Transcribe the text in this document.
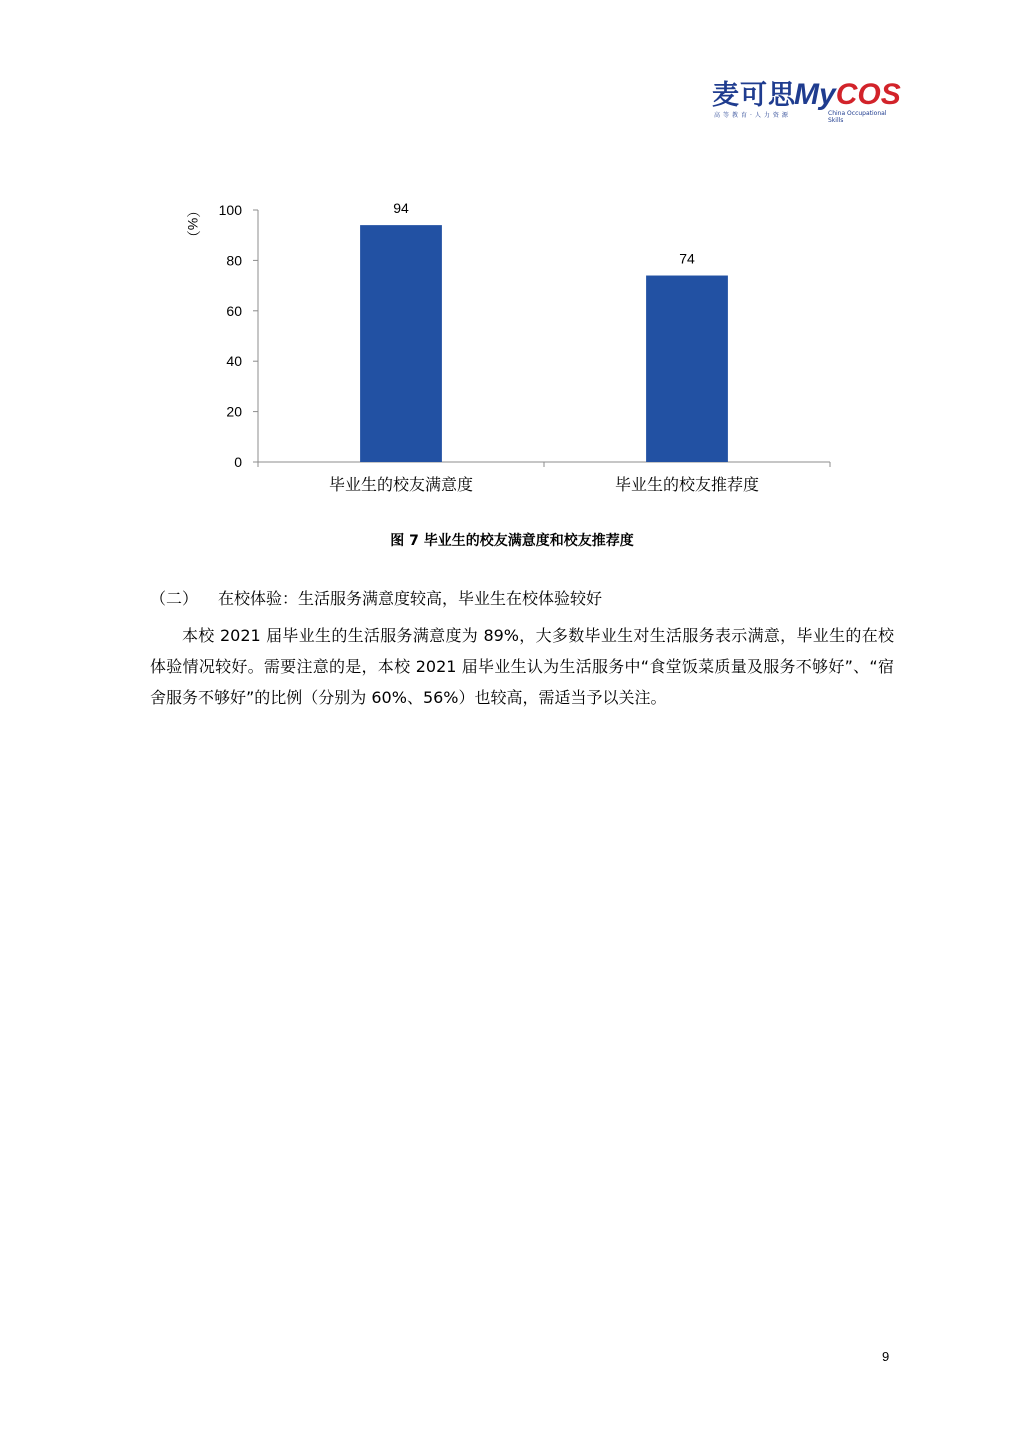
麦可思
MyCOS
高等教育·人力资源	China Occupational Skills
0
20
40
60
80
100
（%）	94
毕业生的校友满意度
74
毕业生的校友推荐度
图 7 毕业生的校友满意度和校友推荐度
（二） 在校体验：生活服务满意度较高，毕业生在校体验较好
本校 2021 届毕业生的生活服务满意度为 89%，大多数毕业生对生活服务表示满意，毕业生的在校体验情况较好。需要注意的是，本校 2021 届毕业生认为生活服务中“食堂饭菜质量及服务不够好”、“宿舍服务不够好”的比例（分别为 60%、56%）也较高，需适当予以关注。
9
